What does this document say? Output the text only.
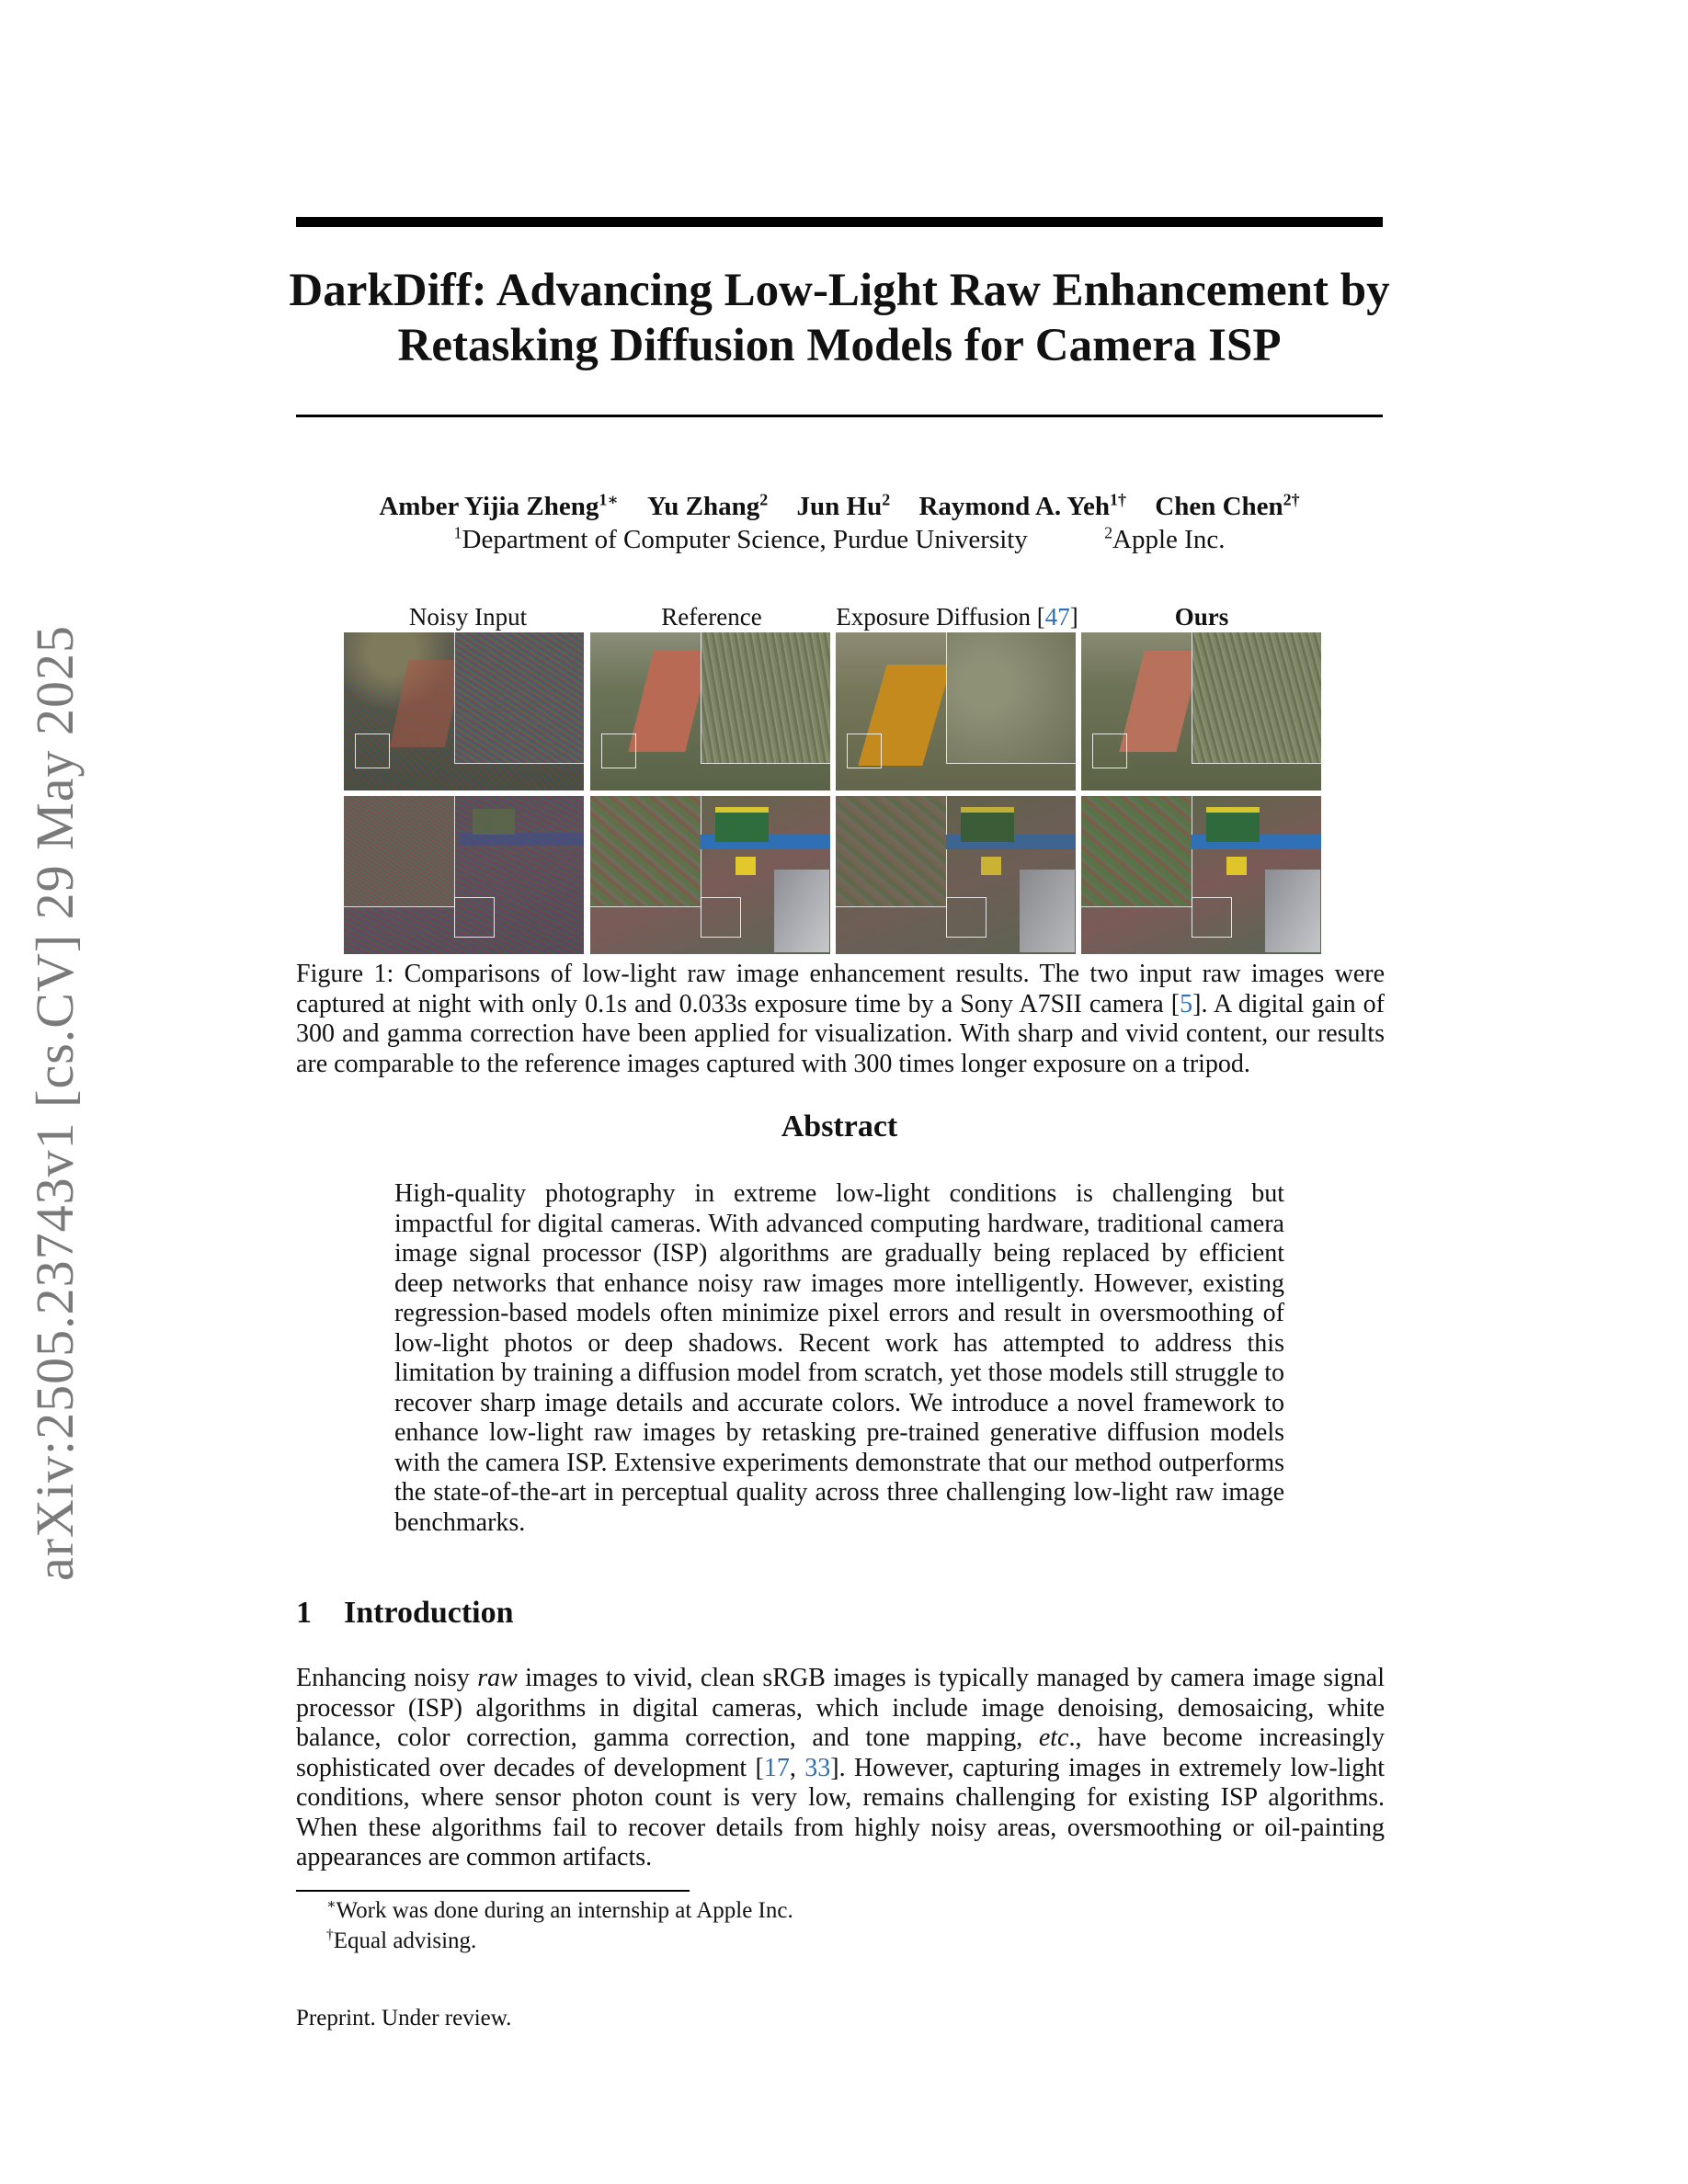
arXiv:2505.23743v1 [cs.CV] 29 May 2025
DarkDiff: Advancing Low-Light Raw Enhancement by
Retasking Diffusion Models for Camera ISP
Amber Yijia Zheng$^{1∗}$ Yu Zhang$^2$ Jun Hu$^2$ Raymond A. Yeh$^{1\dagger}$ Chen Chen$^{2\dagger}$
$^1$Department of Computer Science, Purdue University	$^2$Apple Inc.
Noisy Input	Reference	Exposure Diffusion [47]	Ours
Figure 1: Comparisons of low-light raw image enhancement results. The two input raw images were captured at night with only 0.1s and 0.033s exposure time by a Sony A7SII camera [5]. A digital gain of 300 and gamma correction have been applied for visualization. With sharp and vivid content, our results are comparable to the reference images captured with 300 times longer exposure on a tripod.
Abstract
High-quality photography in extreme low-light conditions is challenging but impactful for digital cameras. With advanced computing hardware, traditional camera image signal processor (ISP) algorithms are gradually being replaced by efficient deep networks that enhance noisy raw images more intelligently. However, existing regression-based models often minimize pixel errors and result in oversmoothing of low-light photos or deep shadows. Recent work has attempted to address this limitation by training a diffusion model from scratch, yet those models still struggle to recover sharp image details and accurate colors. We introduce a novel framework to enhance low-light raw images by retasking pre-trained generative diffusion models with the camera ISP. Extensive experiments demonstrate that our method outperforms the state-of-the-art in perceptual quality across three challenging low-light raw image benchmarks.
1 Introduction
Enhancing noisy raw images to vivid, clean sRGB images is typically managed by camera image signal processor (ISP) algorithms in digital cameras, which include image denoising, demosaicing, white balance, color correction, gamma correction, and tone mapping, etc., have become increasingly sophisticated over decades of development [17, 33]. However, capturing images in extremely low-light conditions, where sensor photon count is very low, remains challenging for existing ISP algorithms. When these algorithms fail to recover details from highly noisy areas, oversmoothing or oil-painting appearances are common artifacts.
∗Work was done during an internship at Apple Inc.
†Equal advising.
Preprint. Under review.
